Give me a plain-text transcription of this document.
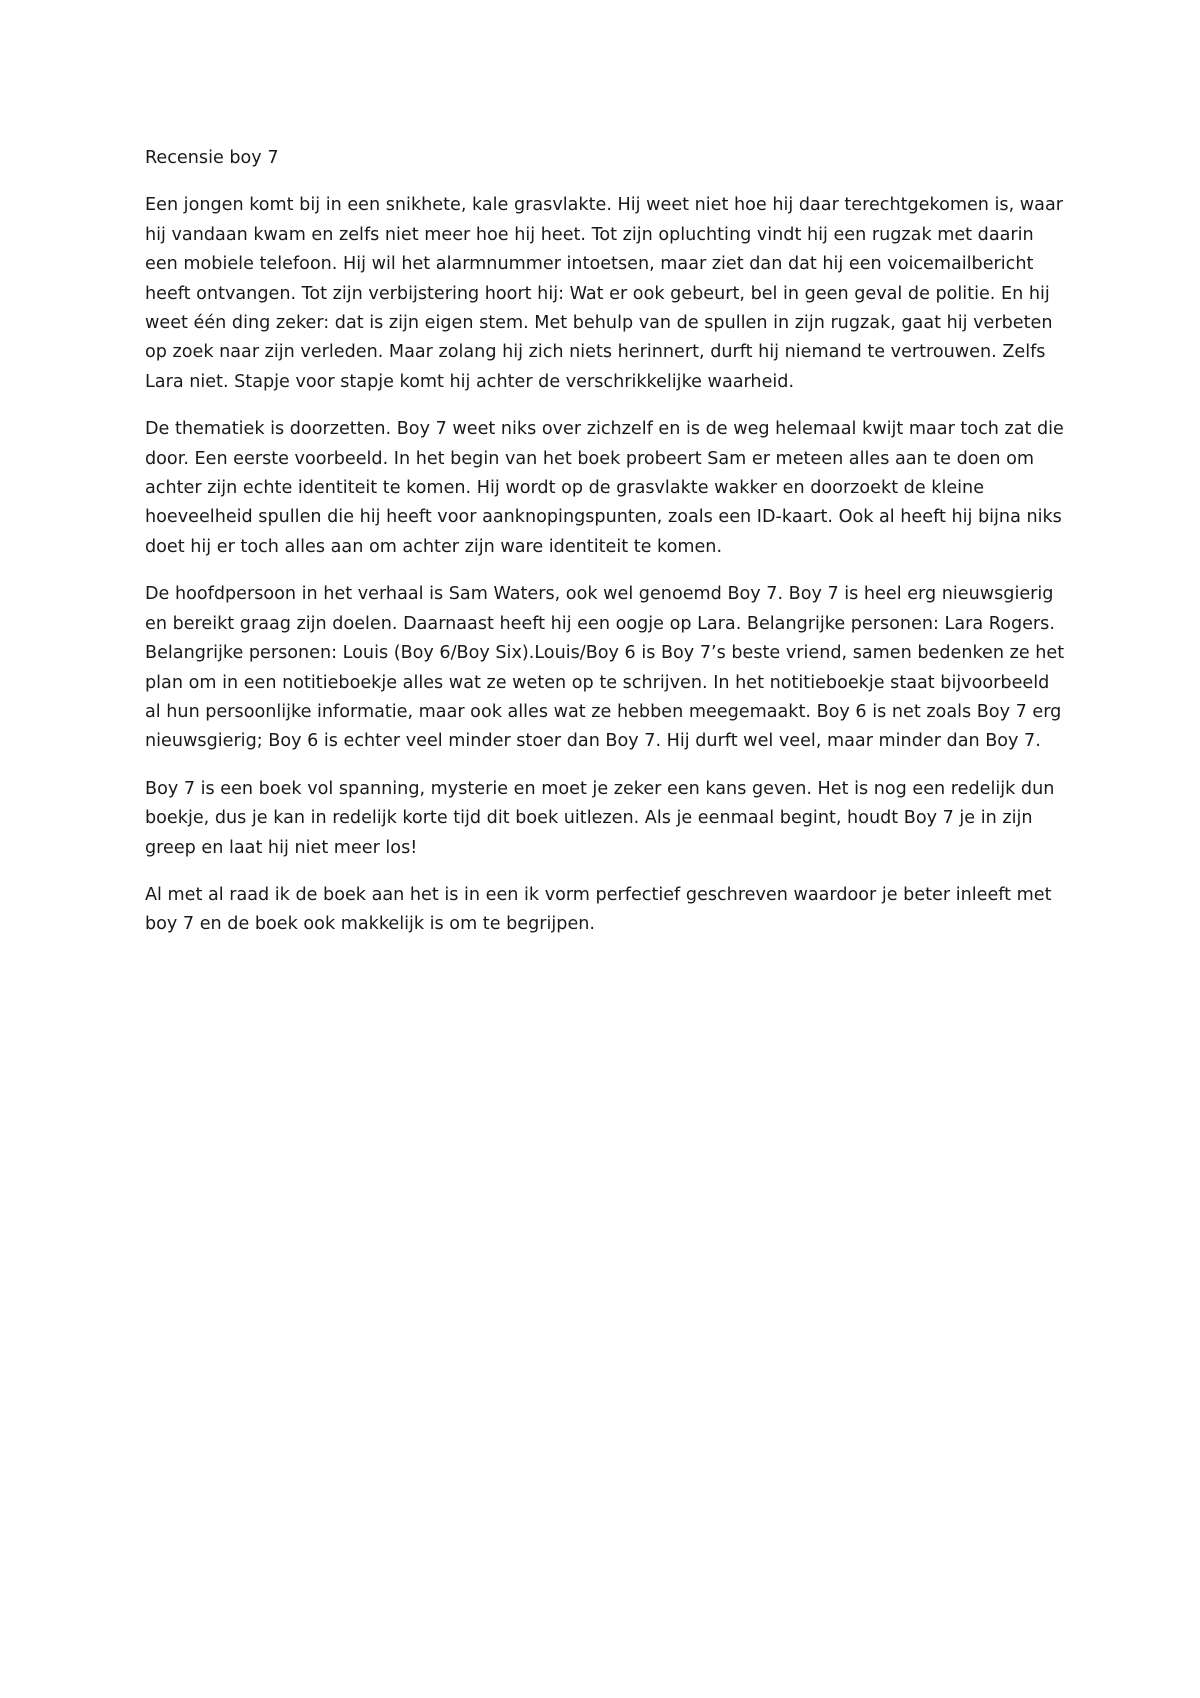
Recensie boy 7

Een jongen komt bij in een snikhete, kale grasvlakte. Hij weet niet hoe hij daar terechtgekomen is, waar hij vandaan kwam en zelfs niet meer hoe hij heet. Tot zijn opluchting vindt hij een rugzak met daarin een mobiele telefoon. Hij wil het alarmnummer intoetsen, maar ziet dan dat hij een voicemailbericht heeft ontvangen. Tot zijn verbijstering hoort hij: Wat er ook gebeurt, bel in geen geval de politie. En hij weet één ding zeker: dat is zijn eigen stem. Met behulp van de spullen in zijn rugzak, gaat hij verbeten op zoek naar zijn verleden. Maar zolang hij zich niets herinnert, durft hij niemand te vertrouwen. Zelfs Lara niet. Stapje voor stapje komt hij achter de verschrikkelijke waarheid.

De thematiek is doorzetten. Boy 7 weet niks over zichzelf en is de weg helemaal kwijt maar toch zat die door. Een eerste voorbeeld. In het begin van het boek probeert Sam er meteen alles aan te doen om achter zijn echte identiteit te komen. Hij wordt op de grasvlakte wakker en doorzoekt de kleine hoeveelheid spullen die hij heeft voor aanknopingspunten, zoals een ID-kaart. Ook al heeft hij bijna niks doet hij er toch alles aan om achter zijn ware identiteit te komen.

De hoofdpersoon in het verhaal is Sam Waters, ook wel genoemd Boy 7. Boy 7 is heel erg nieuwsgierig en bereikt graag zijn doelen. Daarnaast heeft hij een oogje op Lara. Belangrijke personen: Lara Rogers. Belangrijke personen: Louis (Boy 6/Boy Six).Louis/Boy 6 is Boy 7’s beste vriend, samen bedenken ze het plan om in een notitieboekje alles wat ze weten op te schrijven. In het notitieboekje staat bijvoorbeeld al hun persoonlijke informatie, maar ook alles wat ze hebben meegemaakt. Boy 6 is net zoals Boy 7 erg nieuwsgierig; Boy 6 is echter veel minder stoer dan Boy 7. Hij durft wel veel, maar minder dan Boy 7.

Boy 7 is een boek vol spanning, mysterie en moet je zeker een kans geven. Het is nog een redelijk dun boekje, dus je kan in redelijk korte tijd dit boek uitlezen. Als je eenmaal begint, houdt Boy 7 je in zijn greep en laat hij niet meer los!

Al met al raad ik de boek aan het is in een ik vorm perfectief geschreven waardoor je beter inleeft met boy 7 en de boek ook makkelijk is om te begrijpen.
